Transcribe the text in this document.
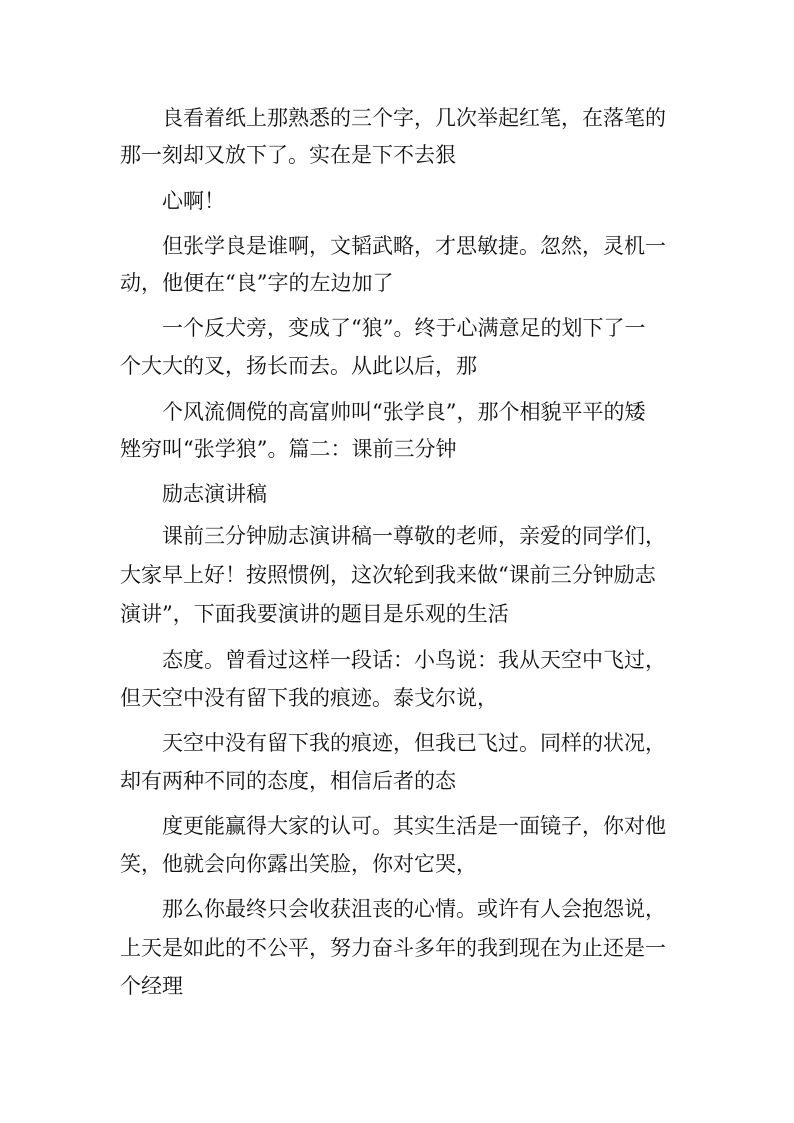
良看着纸上那熟悉的三个字，几次举起红笔，在落笔的
那一刻却又放下了。实在是下不去狠
心啊！
但张学良是谁啊，文韬武略，才思敏捷。忽然，灵机一
动，他便在“良”字的左边加了
一个反犬旁，变成了“狼”。终于心满意足的划下了一
个大大的叉，扬长而去。从此以后，那
个风流倜傥的高富帅叫“张学良”，那个相貌平平的矮
矬穷叫“张学狼”。篇二：课前三分钟
励志演讲稿
课前三分钟励志演讲稿一尊敬的老师，亲爱的同学们，
大家早上好！按照惯例，这次轮到我来做“课前三分钟励志
演讲”，下面我要演讲的题目是乐观的生活
态度。曾看过这样一段话：小鸟说：我从天空中飞过，
但天空中没有留下我的痕迹。泰戈尔说，
天空中没有留下我的痕迹，但我已飞过。同样的状况，
却有两种不同的态度，相信后者的态
度更能赢得大家的认可。其实生活是一面镜子，你对他
笑，他就会向你露出笑脸，你对它哭，
那么你最终只会收获沮丧的心情。或许有人会抱怨说，
上天是如此的不公平，努力奋斗多年的我到现在为止还是一
个经理
